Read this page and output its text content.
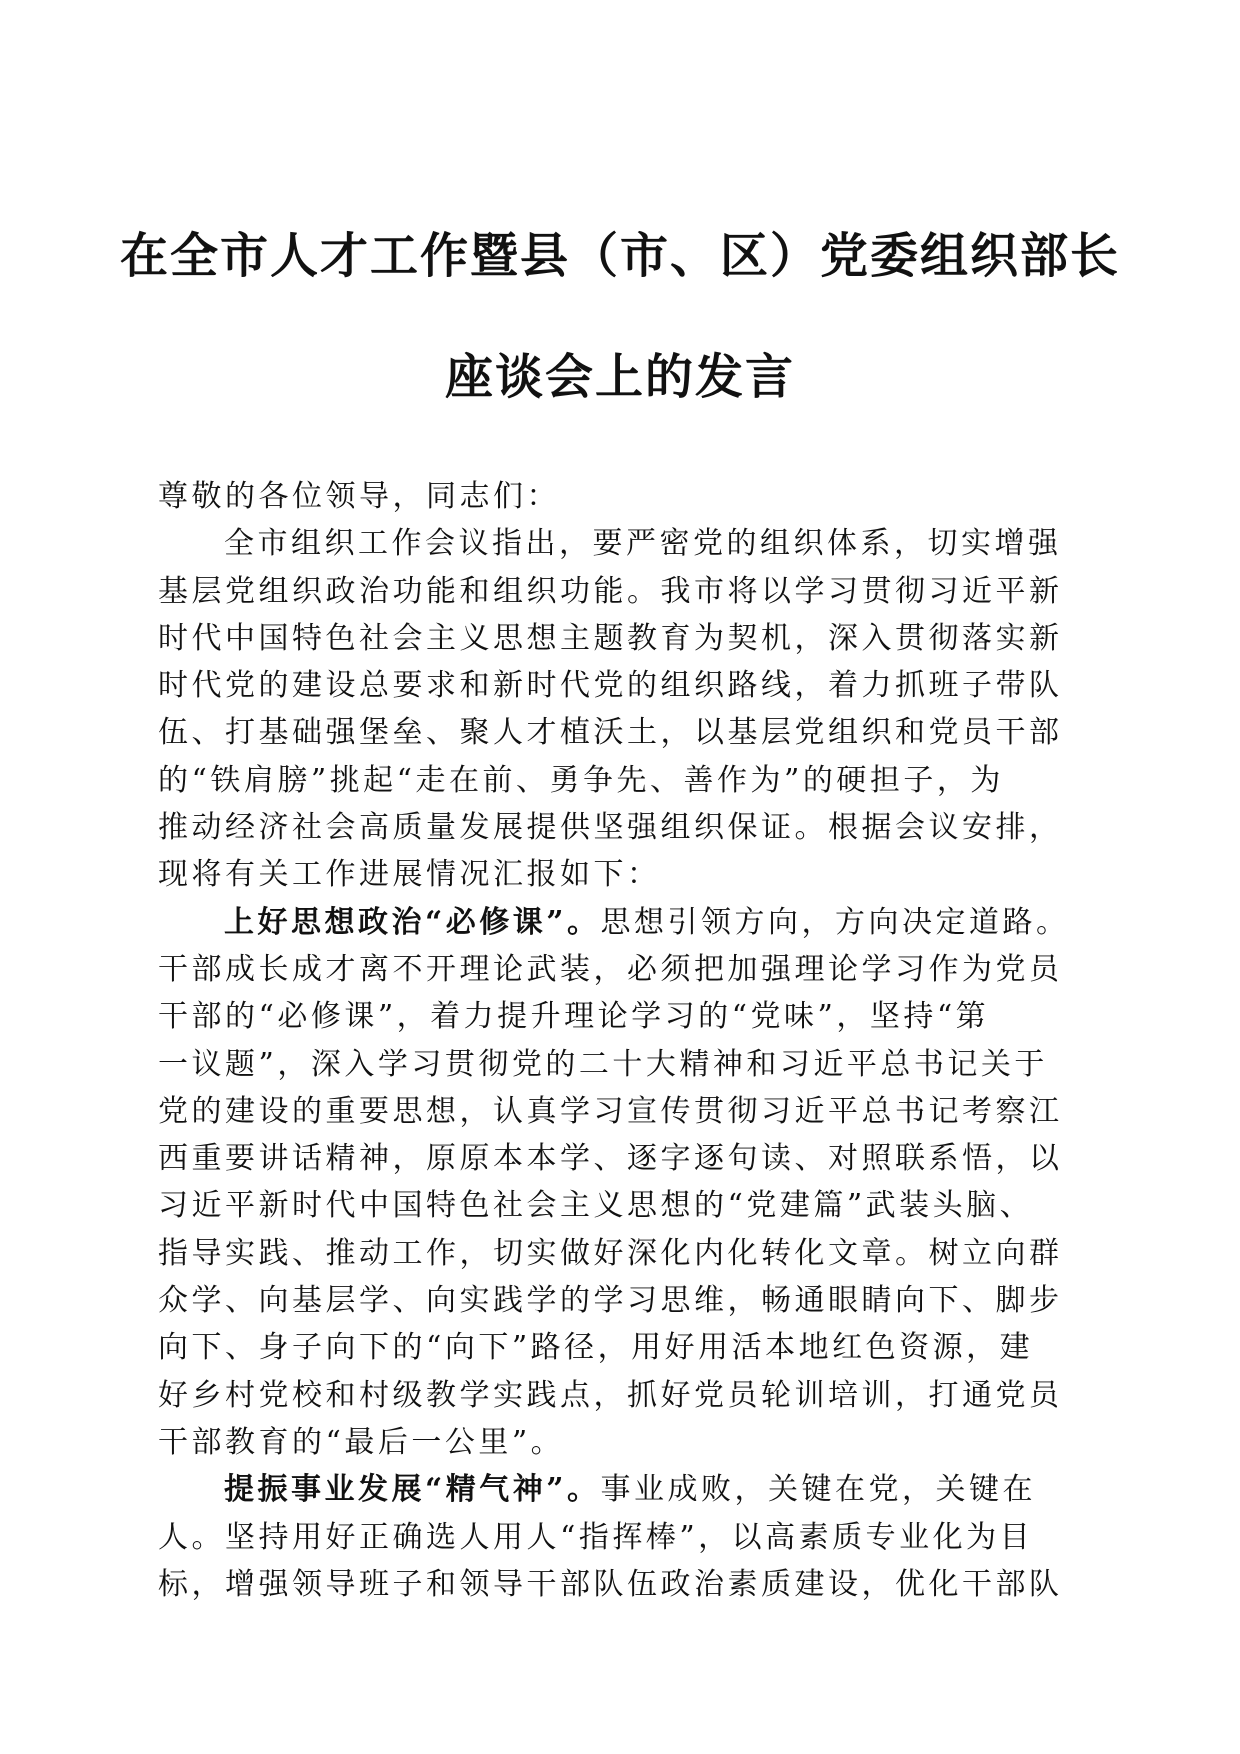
在全市人才工作暨县（市、区）党委组织部长
座谈会上的发言
尊敬的各位领导，同志们：
全市组织工作会议指出，要严密党的组织体系，切实增强
基层党组织政治功能和组织功能。我市将以学习贯彻习近平新
时代中国特色社会主义思想主题教育为契机，深入贯彻落实新
时代党的建设总要求和新时代党的组织路线，着力抓班子带队
伍、打基础强堡垒、聚人才植沃土，以基层党组织和党员干部
的“铁肩膀”挑起“走在前、勇争先、善作为”的硬担子，为
推动经济社会高质量发展提供坚强组织保证。根据会议安排，
现将有关工作进展情况汇报如下：
上好思想政治“必修课”。思想引领方向，方向决定道路。
干部成长成才离不开理论武装，必须把加强理论学习作为党员
干部的“必修课”，着力提升理论学习的“党味”，坚持“第
一议题”，深入学习贯彻党的二十大精神和习近平总书记关于
党的建设的重要思想，认真学习宣传贯彻习近平总书记考察江
西重要讲话精神，原原本本学、逐字逐句读、对照联系悟，以
习近平新时代中国特色社会主义思想的“党建篇”武装头脑、
指导实践、推动工作，切实做好深化内化转化文章。树立向群
众学、向基层学、向实践学的学习思维，畅通眼睛向下、脚步
向下、身子向下的“向下”路径，用好用活本地红色资源，建
好乡村党校和村级教学实践点，抓好党员轮训培训，打通党员
干部教育的“最后一公里”。
提振事业发展“精气神”。事业成败，关键在党，关键在
人。坚持用好正确选人用人“指挥棒”，以高素质专业化为目
标，增强领导班子和领导干部队伍政治素质建设，优化干部队
